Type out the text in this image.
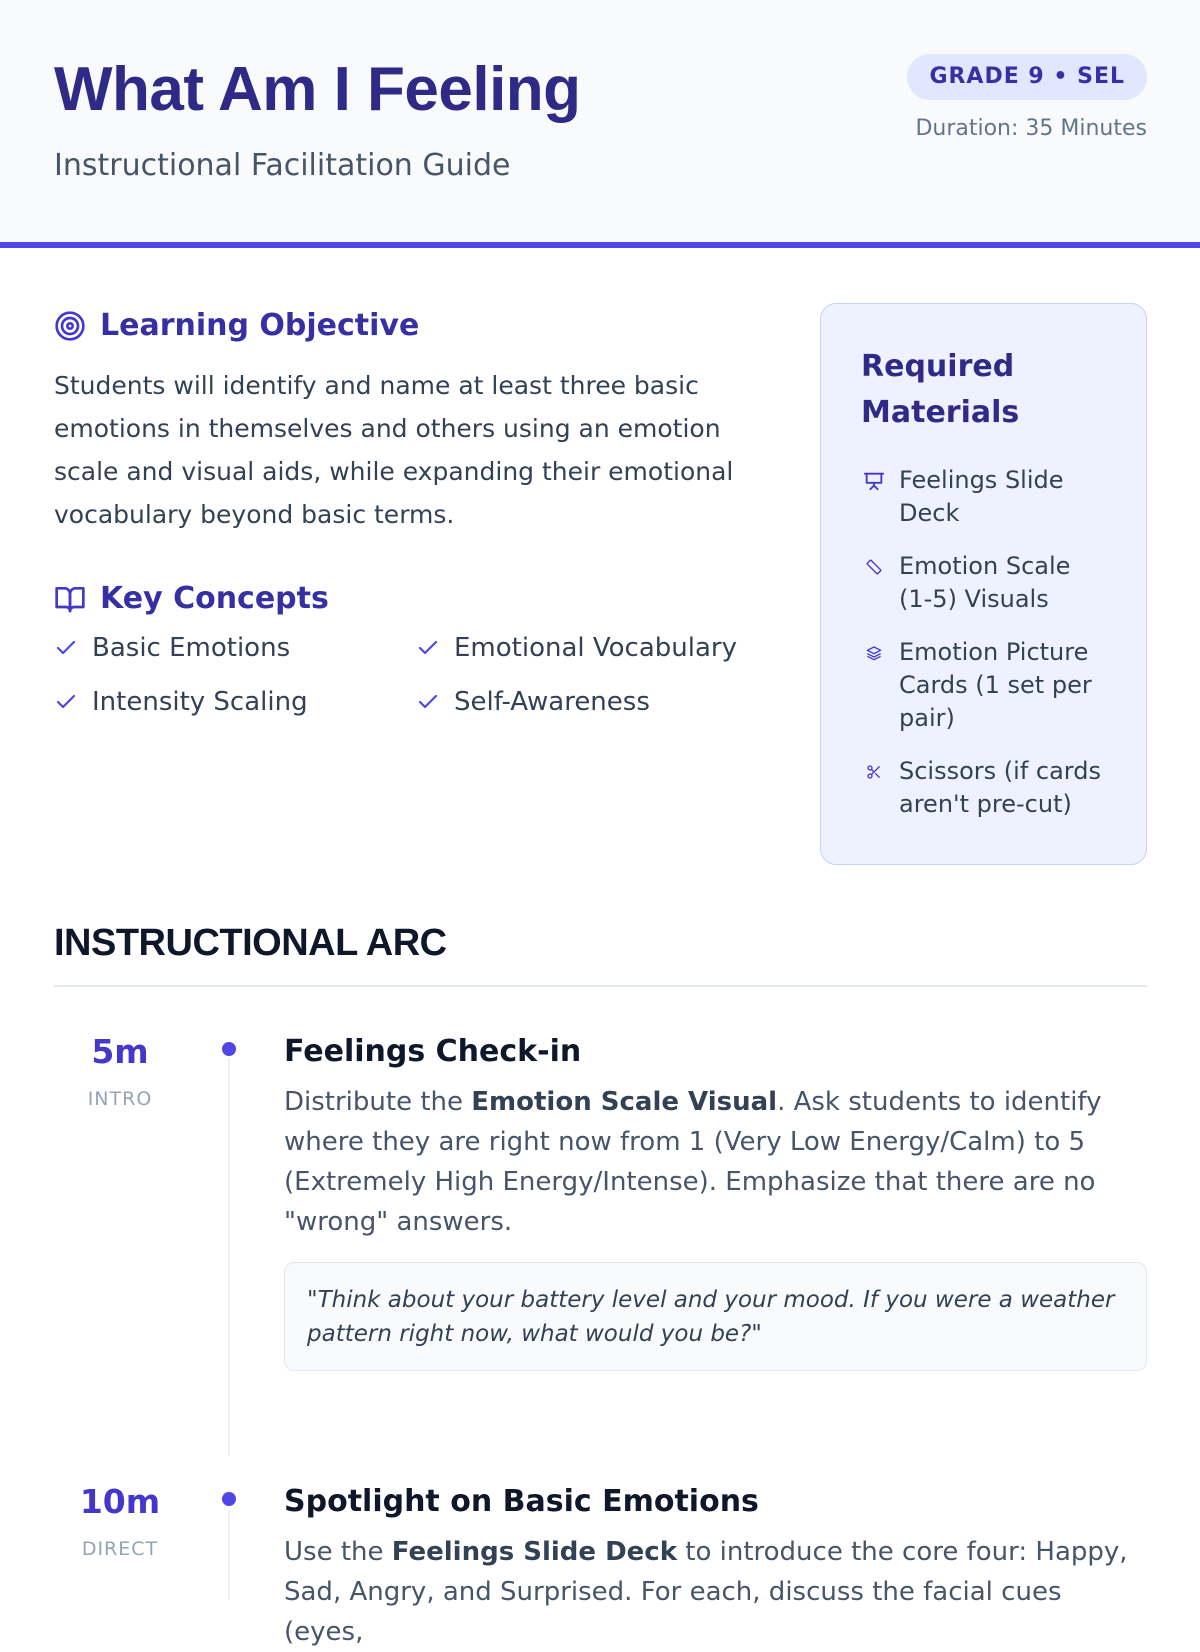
What Am I Feeling
Instructional Facilitation Guide
GRADE 9 • SEL
Duration: 35 Minutes
Learning Objective
Students will identify and name at least three basic emotions in themselves and others using an emotion scale and visual aids, while expanding their emotional vocabulary beyond basic terms.
Key Concepts
Basic Emotions	Emotional Vocabulary
Intensity Scaling	Self-Awareness
Required Materials
Feelings Slide Deck
Emotion Scale (1-5) Visuals
Emotion Picture Cards (1 set per pair)
Scissors (if cards aren't pre-cut)
INSTRUCTIONAL ARC
5m
INTRO
Feelings Check-in
Distribute the Emotion Scale Visual. Ask students to identify where they are right now from 1 (Very Low Energy/Calm) to 5 (Extremely High Energy/Intense). Emphasize that there are no "wrong" answers.
"Think about your battery level and your mood. If you were a weather pattern right now, what would you be?"
10m
DIRECT
Spotlight on Basic Emotions
Use the Feelings Slide Deck to introduce the core four: Happy, Sad, Angry, and Surprised. For each, discuss the facial cues (eyes,
